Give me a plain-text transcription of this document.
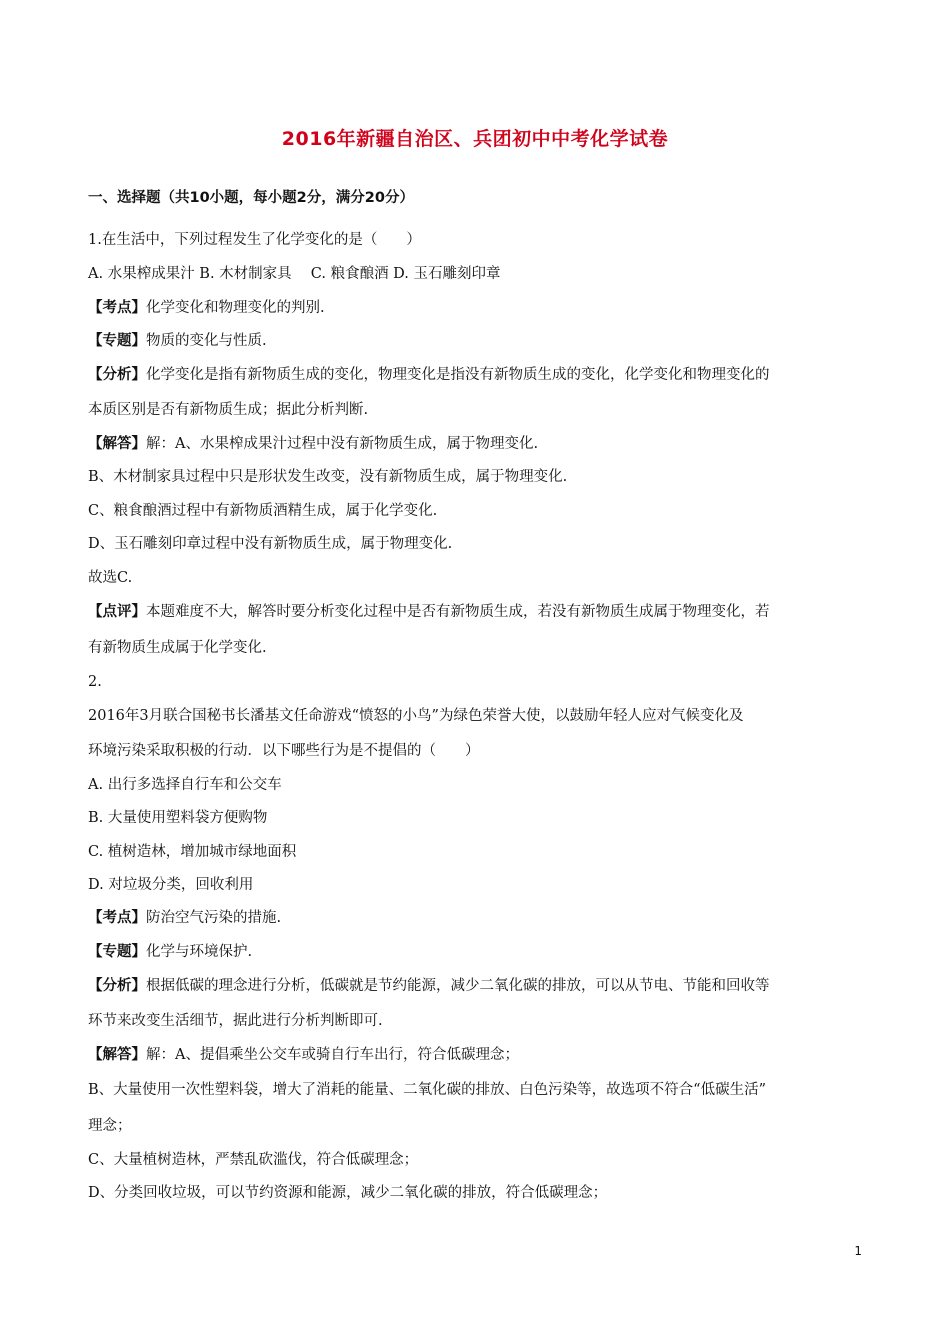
2016年新疆自治区、兵团初中中考化学试卷
一、选择题（共10小题，每小题2分，满分20分）
1.在生活中，下列过程发生了化学变化的是（　　）
A. 水果榨成果汁 B. 木材制家具　 C. 粮食酿酒 D. 玉石雕刻印章
【考点】化学变化和物理变化的判别.
【专题】物质的变化与性质.
【分析】化学变化是指有新物质生成的变化，物理变化是指没有新物质生成的变化，化学变化和物理变化的
本质区别是否有新物质生成；据此分析判断.
【解答】解：A、水果榨成果汁过程中没有新物质生成，属于物理变化.
B、木材制家具过程中只是形状发生改变，没有新物质生成，属于物理变化.
C、粮食酿酒过程中有新物质酒精生成，属于化学变化.
D、玉石雕刻印章过程中没有新物质生成，属于物理变化.
故选C.
【点评】本题难度不大，解答时要分析变化过程中是否有新物质生成，若没有新物质生成属于物理变化，若
有新物质生成属于化学变化.
2.
2016年3月联合国秘书长潘基文任命游戏“愤怒的小鸟”为绿色荣誉大使，以鼓励年轻人应对气候变化及
环境污染采取积极的行动．以下哪些行为是不提倡的（　　）
A. 出行多选择自行车和公交车
B. 大量使用塑料袋方便购物
C. 植树造林，增加城市绿地面积
D. 对垃圾分类，回收利用
【考点】防治空气污染的措施.
【专题】化学与环境保护.
【分析】根据低碳的理念进行分析，低碳就是节约能源，减少二氧化碳的排放，可以从节电、节能和回收等
环节来改变生活细节，据此进行分析判断即可.
【解答】解：A、提倡乘坐公交车或骑自行车出行，符合低碳理念；
B、大量使用一次性塑料袋，增大了消耗的能量、二氧化碳的排放、白色污染等，故选项不符合“低碳生活”
理念；
C、大量植树造林，严禁乱砍滥伐，符合低碳理念；
D、分类回收垃圾，可以节约资源和能源，减少二氧化碳的排放，符合低碳理念；
1
